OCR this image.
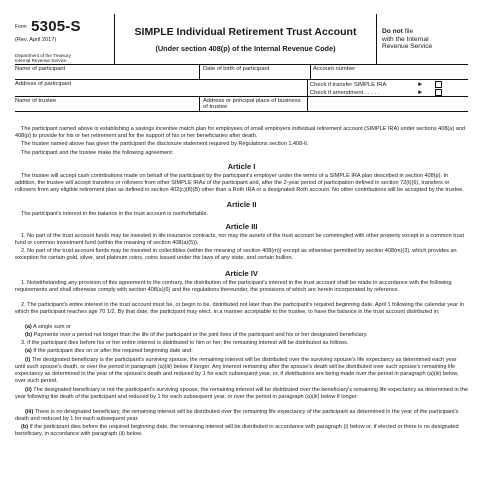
Form 5305-S
(Rev. April 2017)
Department of the Treasury
Internal Revenue Service
SIMPLE Individual Retirement Trust Account
(Under section 408(p) of the Internal Revenue Code)
Do not file
with the Internal
Revenue Service
Name of participant	Date of birth of participant	Account number
Address of participant	Check if transfer SIMPLE IRA	►
Check if amendment . . . . .	►
Name of trustee	Address or principal place of business of trustee
The participant named above is establishing a savings incentive match plan for employees of small employers individual retirement account (SIMPLE IRA) under sections 408(a) and 408(p) to provide for his or her retirement and for the support of his or her beneficiaries after death.
The trustee named above has given the participant the disclosure statement required by Regulations section 1.408-6.
The participant and the trustee make the following agreement:
Article I
The trustee will accept cash contributions made on behalf of the participant by the participant's employer under the terms of a SIMPLE IRA plan described in section 408(p). In addition, the trustee will accept transfers or rollovers from other SIMPLE IRAs of the participant and, after the 2-year period of participation defined in section 72(t)(6), transfers or rollovers from any eligible retirement plan as defined in section 402(c)(8)(B) other than a Roth IRA or a designated Roth account. No other contributions will be accepted by the trustee.
Article II
The participant's interest in the balance in the trust account is nonforfeitable.
Article III
1. No part of the trust account funds may be invested in life insurance contracts, nor may the assets of the trust account be commingled with other property except in a common trust fund or common investment fund (within the meaning of section 408(a)(5)).
2. No part of the trust account funds may be invested in collectibles (within the meaning of section 408(m)) except as otherwise permitted by section 408(m)(3), which provides an exception for certain gold, silver, and platinum coins, coins issued under the laws of any state, and certain bullion.
Article IV
1. Notwithstanding any provision of this agreement to the contrary, the distribution of the participant's interest in the trust account shall be made in accordance with the following requirements and shall otherwise comply with section 408(a)(6) and the regulations thereunder, the provisions of which are herein incorporated by reference.
2. The participant's entire interest in the trust account must be, or begin to be, distributed not later than the participant's required beginning date, April 1 following the calendar year in which the participant reaches age 70 1/2. By that date, the participant may elect, in a manner acceptable to the trustee, to have the balance in the trust account distributed in:
(a) A single sum or
(b) Payments over a period not longer than the life of the participant or the joint lives of the participant and his or her designated beneficiary.
3. If the participant dies before his or her entire interest is distributed to him or her, the remaining interest will be distributed as follows.
(a) If the participant dies on or after the required beginning date and:
(i) The designated beneficiary is the participant's surviving spouse, the remaining interest will be distributed over the surviving spouse's life expectancy as determined each year until such spouse's death, or over the period in paragraph (a)(iii) below if longer. Any interest remaining after the spouse's death will be distributed over such spouse's remaining life expectancy as determined in the year of the spouse's death and reduced by 1 for each subsequent year, or, if distributions are being made over the period in paragraph (a)(iii) below, over such period.
(ii) The designated beneficiary is not the participant's surviving spouse, the remaining interest will be distributed over the beneficiary's remaining life expectancy as determined in the year following the death of the participant and reduced by 1 for each subsequent year, or over the period in paragraph (a)(iii) below if longer.
(iii) There is no designated beneficiary, the remaining interest will be distributed over the remaining life expectancy of the participant as determined in the year of the participant's death and reduced by 1 for each subsequent year.
(b) If the participant dies before the required beginning date, the remaining interest will be distributed in accordance with paragraph (i) below or, if elected or there is no designated beneficiary, in accordance with paragraph (ii) below.
